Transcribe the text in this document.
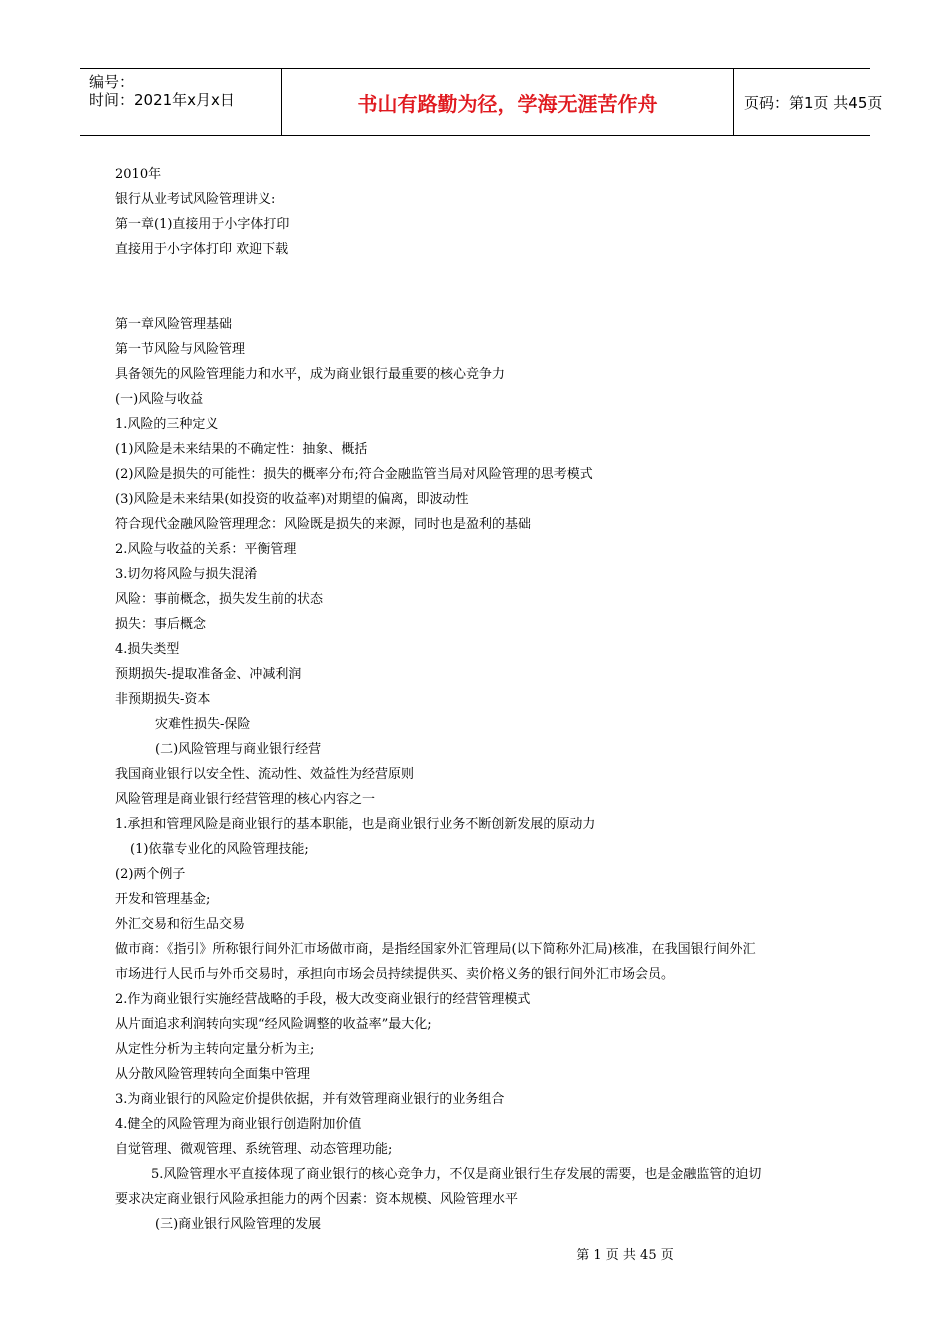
编号：
时间：2021年x月x日	书山有路勤为径，学海无涯苦作舟	页码：第1页 共45页
2010年
银行从业考试风险管理讲义:
第一章(1)直接用于小字体打印
直接用于小字体打印 欢迎下载
第一章风险管理基础
第一节风险与风险管理
具备领先的风险管理能力和水平，成为商业银行最重要的核心竞争力
(一)风险与收益
1.风险的三种定义
(1)风险是未来结果的不确定性：抽象、概括
(2)风险是损失的可能性：损失的概率分布;符合金融监管当局对风险管理的思考模式
(3)风险是未来结果(如投资的收益率)对期望的偏离，即波动性
符合现代金融风险管理理念：风险既是损失的来源，同时也是盈利的基础
2.风险与收益的关系：平衡管理
3.切勿将风险与损失混淆
风险：事前概念，损失发生前的状态
损失：事后概念
4.损失类型
预期损失-提取准备金、冲减利润
非预期损失-资本
灾难性损失-保险
(二)风险管理与商业银行经营
我国商业银行以安全性、流动性、效益性为经营原则
风险管理是商业银行经营管理的核心内容之一
1.承担和管理风险是商业银行的基本职能，也是商业银行业务不断创新发展的原动力
(1)依靠专业化的风险管理技能;
(2)两个例子
开发和管理基金;
外汇交易和衍生品交易
做市商：《指引》所称银行间外汇市场做市商，是指经国家外汇管理局(以下简称外汇局)核准，在我国银行间外汇
市场进行人民币与外币交易时，承担向市场会员持续提供买、卖价格义务的银行间外汇市场会员。
2.作为商业银行实施经营战略的手段，极大改变商业银行的经营管理模式
从片面追求利润转向实现“经风险调整的收益率”最大化;
从定性分析为主转向定量分析为主;
从分散风险管理转向全面集中管理
3.为商业银行的风险定价提供依据，并有效管理商业银行的业务组合
4.健全的风险管理为商业银行创造附加价值
自觉管理、微观管理、系统管理、动态管理功能;
5.风险管理水平直接体现了商业银行的核心竞争力，不仅是商业银行生存发展的需要，也是金融监管的迫切
要求决定商业银行风险承担能力的两个因素：资本规模、风险管理水平
(三)商业银行风险管理的发展
第 1 页 共 45 页
